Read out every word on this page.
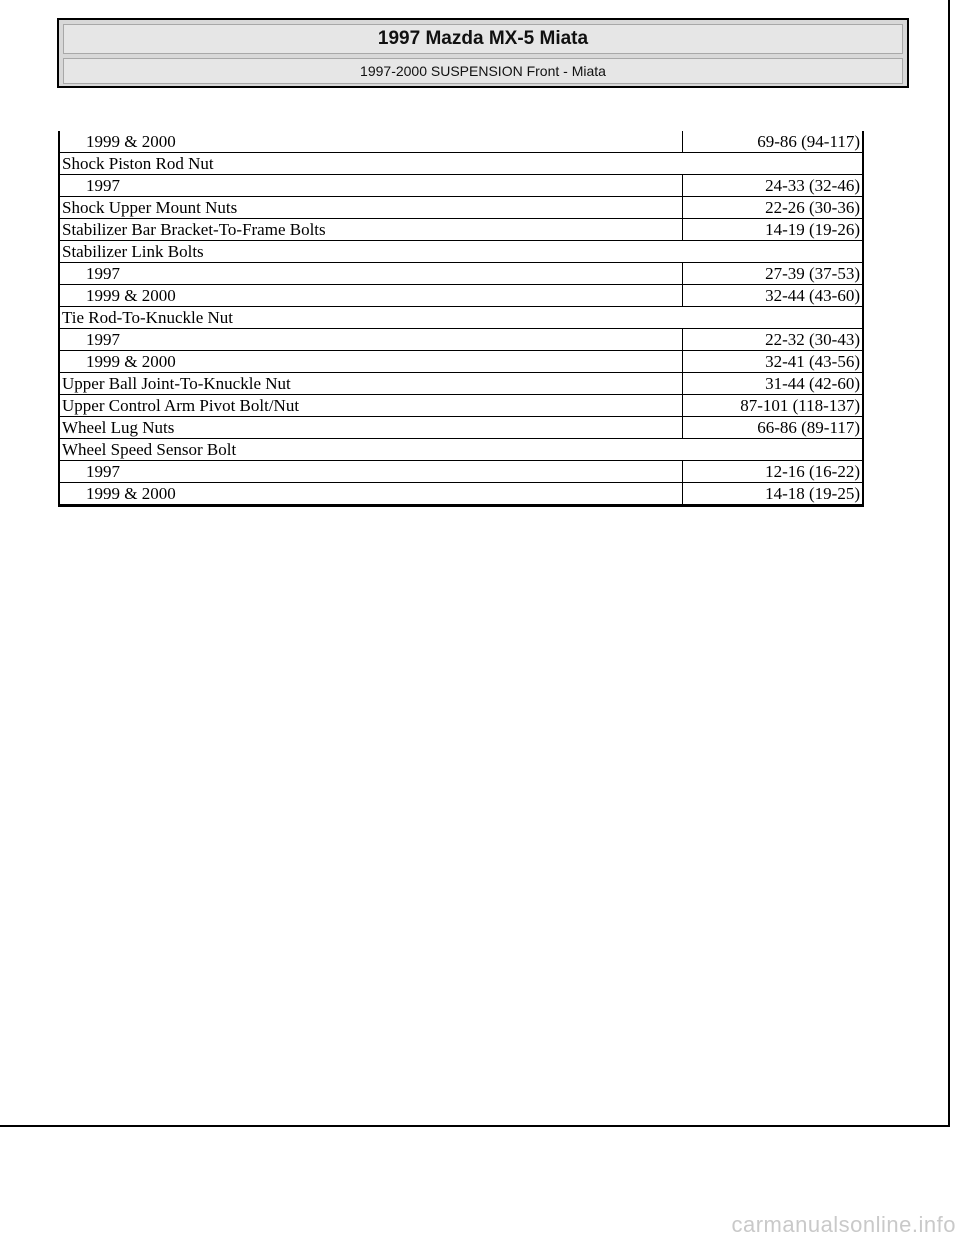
1997 Mazda MX-5 Miata
1997-2000 SUSPENSION Front - Miata
1999 & 2000	69-86 (94-117)
Shock Piston Rod Nut	
1997	24-33 (32-46)
Shock Upper Mount Nuts	22-26 (30-36)
Stabilizer Bar Bracket-To-Frame Bolts	14-19 (19-26)
Stabilizer Link Bolts	
1997	27-39 (37-53)
1999 & 2000	32-44 (43-60)
Tie Rod-To-Knuckle Nut	
1997	22-32 (30-43)
1999 & 2000	32-41 (43-56)
Upper Ball Joint-To-Knuckle Nut	31-44 (42-60)
Upper Control Arm Pivot Bolt/Nut	87-101 (118-137)
Wheel Lug Nuts	66-86 (89-117)
Wheel Speed Sensor Bolt	
1997	12-16 (16-22)
1999 & 2000	14-18 (19-25)
carmanualsonline.info
